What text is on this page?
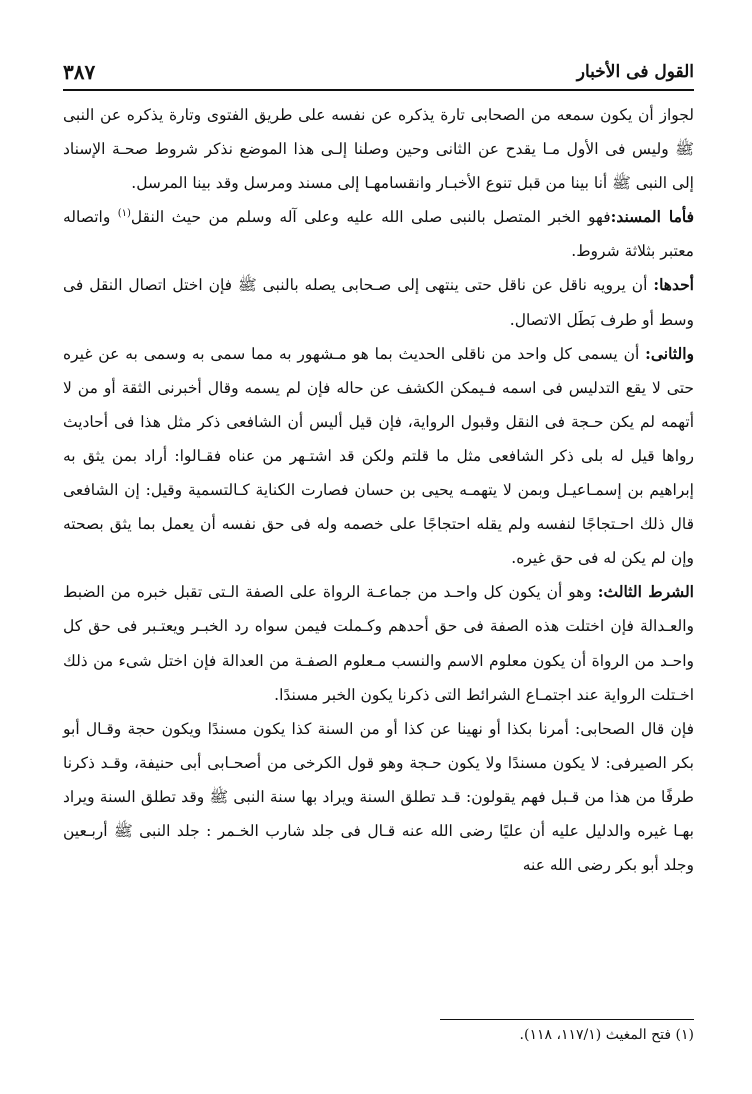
القول فى الأخبار
٣٨٧

لجواز أن يكون سمعه من الصحابى تارة يذكره عن نفسه على طريق الفتوى وتارة يذكره عن النبى ﷺ وليس فى الأول مـا يقدح عن الثانى وحين وصلنا إلـى هذا الموضع نذكر شروط صحـة الإسناد إلى النبى ﷺ أنا بينا من قبل تنوع الأخبـار وانقسامهـا إلى مسند ومرسل وقد بينا المرسل.

فأما المسند:فهو الخبر المتصل بالنبى صلى الله عليه وعلى آله وسلم من حيث النقل$^{(١)}$ واتصاله معتبر بثلاثة شروط.

أحدها: أن يرويه ناقل عن ناقل حتى ينتهى إلى صـحابى يصله بالنبى ﷺ فإن اختل اتصال النقل فى وسط أو طرف بَطَل الاتصال.

والثانى: أن يسمى كل واحد من ناقلى الحديث بما هو مـشهور به مما سمى به وسمى به عن غيره حتى لا يقع التدليس فى اسمه فـيمكن الكشف عن حاله فإن لم يسمه وقال أخبرنى الثقة أو من لا أتهمه لم يكن حـجة فى النقل وقبول الرواية، فإن قيل أليس أن الشافعى ذكر مثل هذا فى أحاديث رواها قيل له بلى ذكر الشافعى مثل ما قلتم ولكن قد اشتـهر من عناه فقـالوا: أراد بمن يثق به إبراهيم بن إسمـاعيـل وبمن لا يتهمـه يحيى بن حسان فصارت الكناية كـالتسمية وقيل: إن الشافعى قال ذلك احـتجاجًا لنفسه ولم يقله احتجاجًا على خصمه وله فى حق نفسه أن يعمل بما يثق بصحته وإن لم يكن له فى حق غيره.

الشرط الثالث: وهو أن يكون كل واحـد من جماعـة الرواة على الصفة الـتى تقبل خبره من الضبط والعـدالة فإن اختلت هذه الصفة فى حق أحدهم وكـملت فيمن سواه رد الخبـر ويعتـبر فى حق كل واحـد من الرواة أن يكون معلوم الاسم والنسب مـعلوم الصفـة من العدالة فإن اختل شىء من ذلك اخـتلت الرواية عند اجتمـاع الشرائط التى ذكرنا يكون الخبر مسندًا.

فإن قال الصحابى: أمرنا بكذا أو نهينا عن كذا أو من السنة كذا يكون مسندًا ويكون حجة وقـال أبو بكر الصيرفى: لا يكون مسندًا ولا يكون حـجة وهو قول الكرخى من أصحـابى أبى حنيفة، وقـد ذكرنا طرفًا من هذا من قـبل فهم يقولون: قـد تطلق السنة ويراد بها سنة النبى ﷺ وقد تطلق السنة ويراد بهـا غيره والدليل عليه أن عليًا رضى الله عنه قـال فى جلد شارب الخـمر : جلد النبى ﷺ أربـعين وجلد أبو بكر رضى الله عنه

(١) فتح المغيث (١١٧/١، ١١٨).
